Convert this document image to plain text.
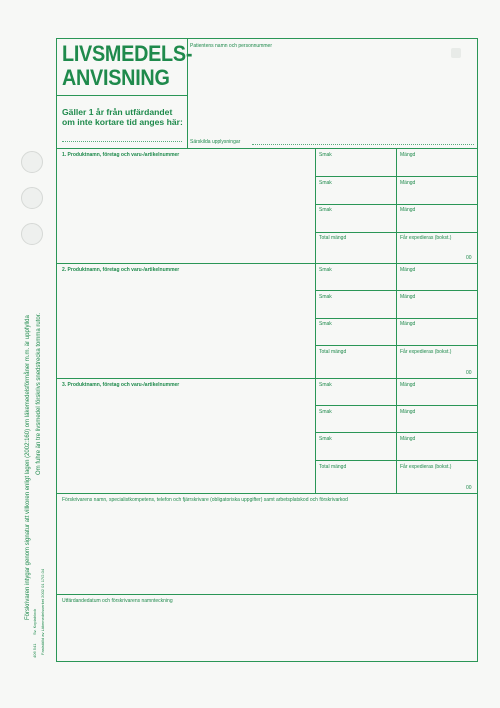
Förskrivaren intygar genom signatur att villkoren enligt lagen (2002:160) om läkemedelsförmåner m.m. är uppfyllda Om fuhre än tre livsmedel förskrivs snedstrecka tomma rutor.
406 541
Sv. Kopiablock Fastställd av Läkemedelsverket 2002 01 17/2.04
LIVSMEDELS-
ANVISNING
Gäller 1 år från utfärdandet
om inte kortare tid anges här:
Patientens namn och personnummer
Särskilda upplysningar
1. Produktnamn, företag och varu-/artikelnummer	Smak	Mängd
Smak	Mängd
Smak	Mängd
Total mängd	Får expedieras (bokst.)
00
2. Produktnamn, företag och varu-/artikelnummer	Smak	Mängd
Smak	Mängd
Smak	Mängd
Total mängd	Får expedieras (bokst.)
00
3. Produktnamn, företag och varu-/artikelnummer	Smak	Mängd
Smak	Mängd
Smak	Mängd
Total mängd	Får expedieras (bokst.)
00
Förskrivarens namn, specialistkompetens, telefon och fjärrskrivare (obligatoriska uppgifter) samt arbetsplatskod och förskrivarkod
Utfärdandedatum och förskrivarens namnteckning
